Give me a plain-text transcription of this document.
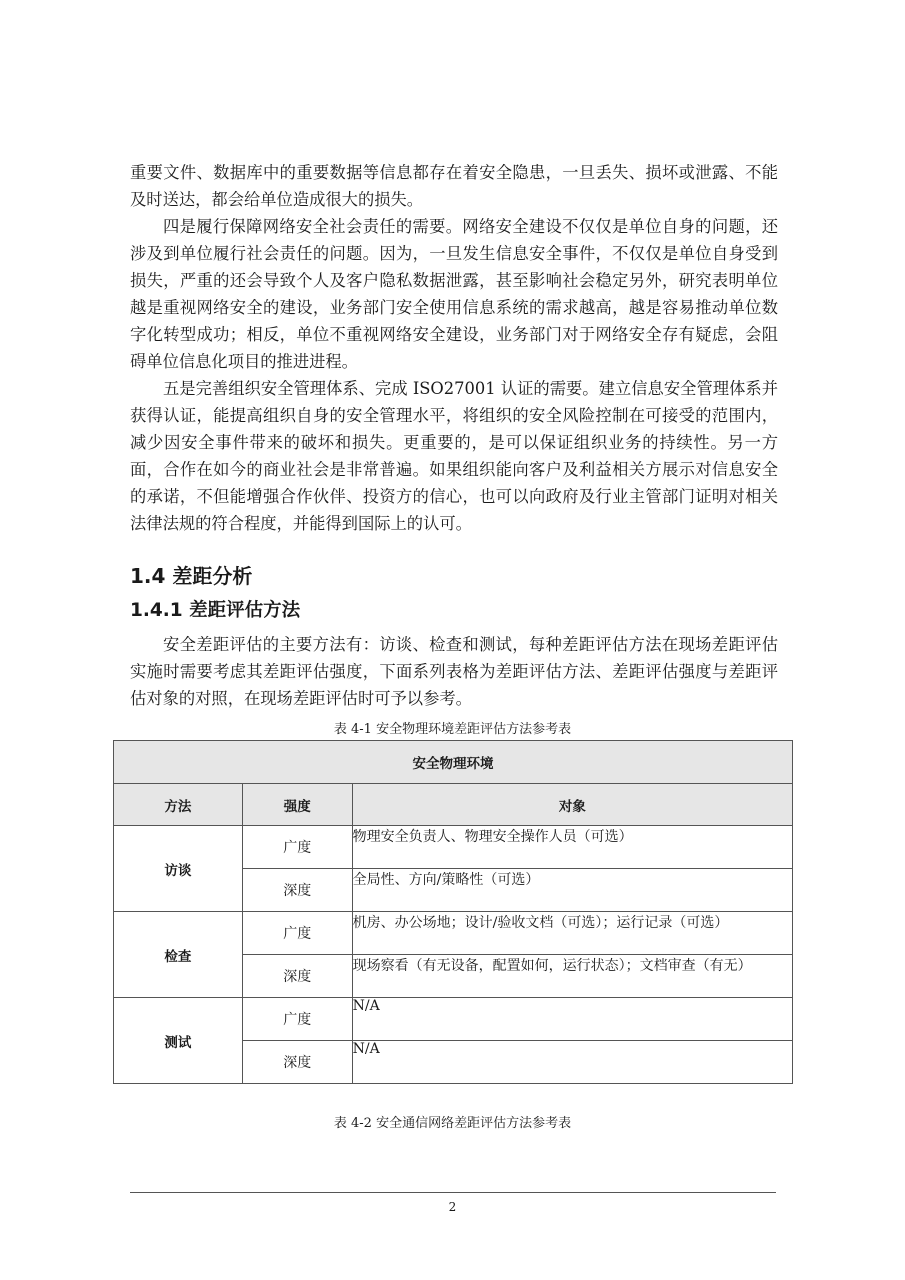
重要文件、数据库中的重要数据等信息都存在着安全隐患，一旦丢失、损坏或泄露、不能及时送达，都会给单位造成很大的损失。

四是履行保障网络安全社会责任的需要。网络安全建设不仅仅是单位自身的问题，还涉及到单位履行社会责任的问题。因为，一旦发生信息安全事件，不仅仅是单位自身受到损失，严重的还会导致个人及客户隐私数据泄露，甚至影响社会稳定另外，研究表明单位越是重视网络安全的建设，业务部门安全使用信息系统的需求越高，越是容易推动单位数字化转型成功；相反，单位不重视网络安全建设，业务部门对于网络安全存有疑虑，会阻碍单位信息化项目的推进进程。

五是完善组织安全管理体系、完成 ISO27001 认证的需要。建立信息安全管理体系并获得认证，能提高组织自身的安全管理水平，将组织的安全风险控制在可接受的范围内，减少因安全事件带来的破坏和损失。更重要的，是可以保证组织业务的持续性。另一方面，合作在如今的商业社会是非常普遍。如果组织能向客户及利益相关方展示对信息安全的承诺，不但能增强合作伙伴、投资方的信心，也可以向政府及行业主管部门证明对相关法律法规的符合程度，并能得到国际上的认可。

1.4 差距分析
1.4.1 差距评估方法

安全差距评估的主要方法有：访谈、检查和测试，每种差距评估方法在现场差距评估实施时需要考虑其差距评估强度，下面系列表格为差距评估方法、差距评估强度与差距评估对象的对照，在现场差距评估时可予以参考。

表 4-1 安全物理环境差距评估方法参考表
安全物理环境		
方法	强度	对象
访谈	广度	物理安全负责人、物理安全操作人员（可选）
	深度	全局性、方向/策略性（可选）
检查	广度	机房、办公场地；设计/验收文档（可选）；运行记录（可选）
	深度	现场察看（有无设备，配置如何，运行状态）；文档审查（有无）
测试	广度	N/A
	深度	N/A
表 4-2 安全通信网络差距评估方法参考表
2
